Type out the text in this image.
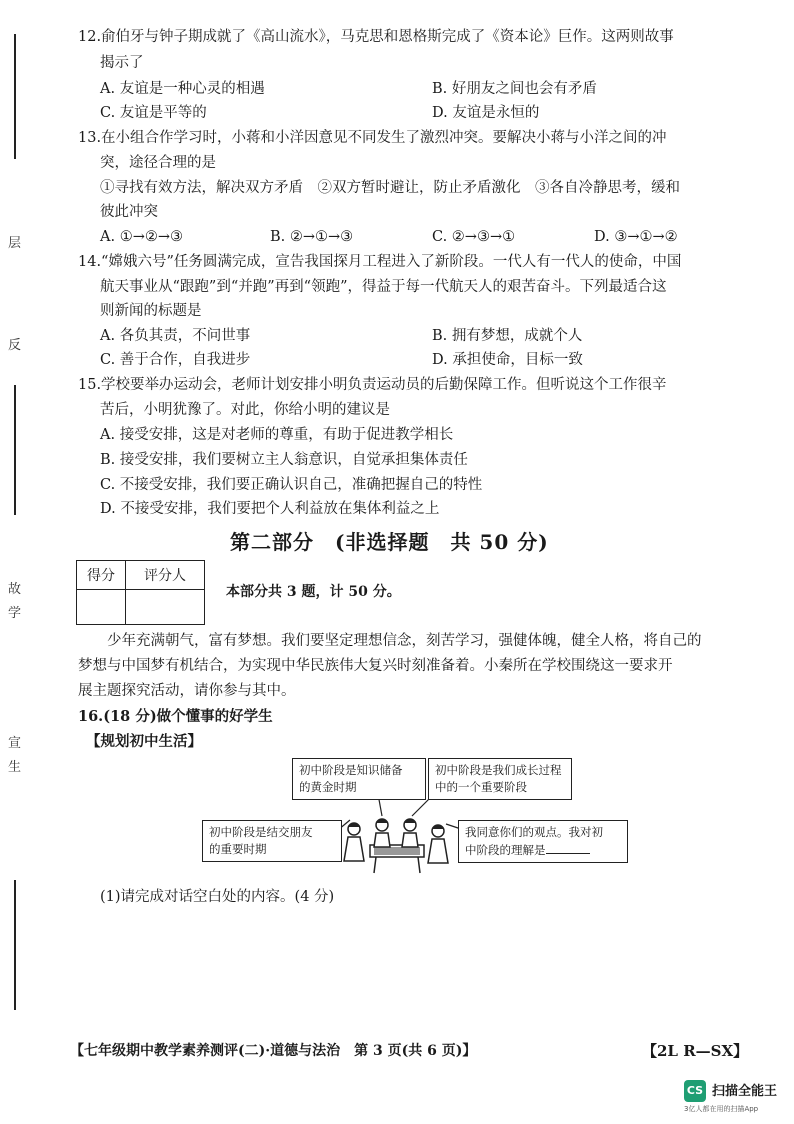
层
反
故
学
宣
生
12.俞伯牙与钟子期成就了《高山流水》，马克思和恩格斯完成了《资本论》巨作。这两则故事
揭示了
A. 友谊是一种心灵的相遇	B. 好朋友之间也会有矛盾
C. 友谊是平等的	D. 友谊是永恒的
13.在小组合作学习时，小蒋和小洋因意见不同发生了激烈冲突。要解决小蒋与小洋之间的冲
突，途径合理的是
①寻找有效方法，解决双方矛盾　②双方暂时避让，防止矛盾激化　③各自冷静思考，缓和
彼此冲突
A. ①→②→③	B. ②→①→③	C. ②→③→①	D. ③→①→②
14.“嫦娥六号”任务圆满完成，宣告我国探月工程进入了新阶段。一代人有一代人的使命，中国
航天事业从“跟跑”到“并跑”再到“领跑”，得益于每一代航天人的艰苦奋斗。下列最适合这
则新闻的标题是
A. 各负其责，不问世事	B. 拥有梦想，成就个人
C. 善于合作，自我进步	D. 承担使命，目标一致
15.学校要举办运动会，老师计划安排小明负责运动员的后勤保障工作。但听说这个工作很辛
苦后，小明犹豫了。对此，你给小明的建议是
A. 接受安排，这是对老师的尊重，有助于促进教学相长
B. 接受安排，我们要树立主人翁意识，自觉承担集体责任
C. 不接受安排，我们要正确认识自己，准确把握自己的特性
D. 不接受安排，我们要把个人利益放在集体利益之上
第二部分　(非选择题　共 50 分)
得分	评分人

本部分共 3 题，计 50 分。
　　少年充满朝气，富有梦想。我们要坚定理想信念，刻苦学习，强健体魄，健全人格，将自己的
梦想与中国梦有机结合，为实现中华民族伟大复兴时刻准备着。小秦所在学校围绕这一要求开
展主题探究活动，请你参与其中。
16.(18 分)做个懂事的好学生
【规划初中生活】
初中阶段是知识储备
的黄金时期
初中阶段是我们成长过程
中的一个重要阶段
初中阶段是结交朋友
的重要时期
我同意你们的观点。我对初
中阶段的理解是
(1)请完成对话空白处的内容。(4 分)
【七年级期中教学素养测评(二)·道德与法治　第 3 页(共 6 页)】	【2L R—SX】
CS 扫描全能王
3亿人都在用的扫描App
